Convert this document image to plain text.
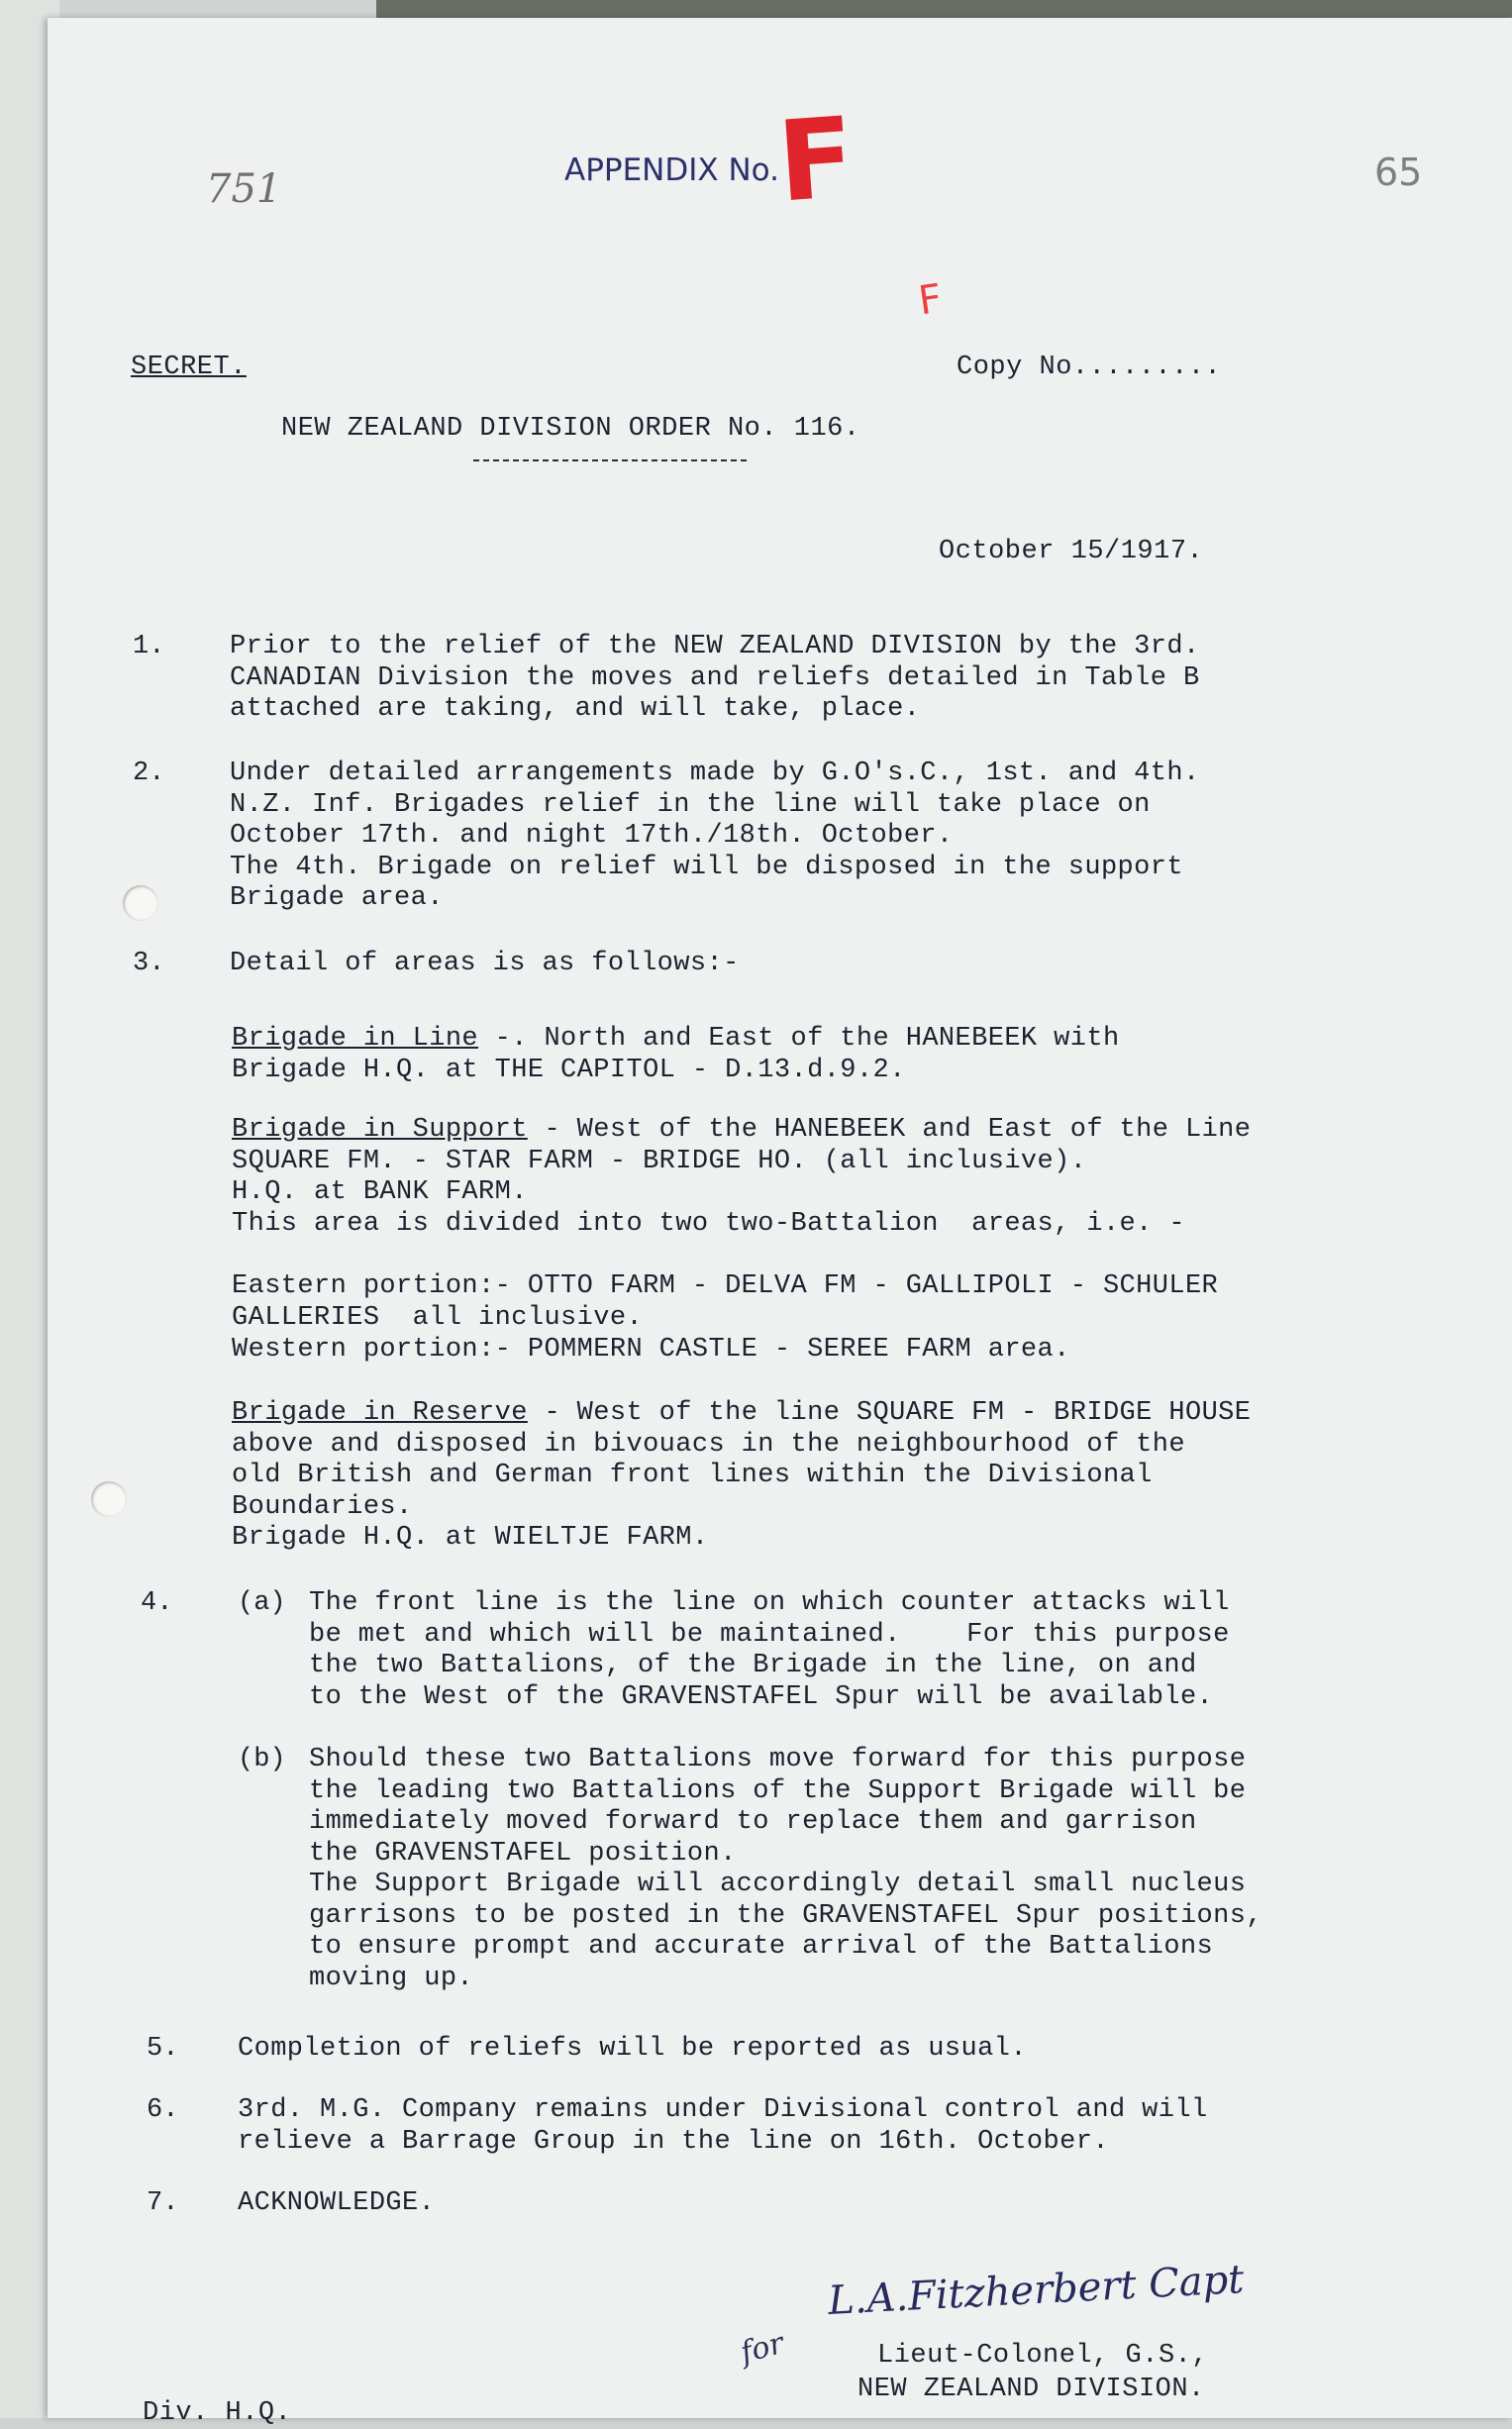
751	APPENDIX No.
F	65
F
SECRET.	Copy No.........
NEW ZEALAND DIVISION ORDER No. 116.
October 15/1917.
1. Prior to the relief of the NEW ZEALAND DIVISION by the 3rd.
CANADIAN Division the moves and reliefs detailed in Table B
attached are taking, and will take, place.
2. Under detailed arrangements made by G.O's.C., 1st. and 4th.
N.Z. Inf. Brigades relief in the line will take place on
October 17th. and night 17th./18th. October.
The 4th. Brigade on relief will be disposed in the support
Brigade area.
3. Detail of areas is as follows:-
Brigade in Line -. North and East of the HANEBEEK with
Brigade H.Q. at THE CAPITOL - D.13.d.9.2.
Brigade in Support - West of the HANEBEEK and East of the Line
SQUARE FM. - STAR FARM - BRIDGE HO. (all inclusive).
H.Q. at BANK FARM.
This area is divided into two two-Battalion  areas, i.e. -
Eastern portion:- OTTO FARM - DELVA FM - GALLIPOLI - SCHULER
GALLERIES  all inclusive.
Western portion:- POMMERN CASTLE - SEREE FARM area.
Brigade in Reserve - West of the line SQUARE FM - BRIDGE HOUSE
above and disposed in bivouacs in the neighbourhood of the
old British and German front lines within the Divisional
Boundaries.
Brigade H.Q. at WIELTJE FARM.
4. (a) The front line is the line on which counter attacks will
be met and which will be maintained.    For this purpose
the two Battalions, of the Brigade in the line, on and
to the West of the GRAVENSTAFEL Spur will be available.
(b) Should these two Battalions move forward for this purpose
the leading two Battalions of the Support Brigade will be
immediately moved forward to replace them and garrison
the GRAVENSTAFEL position.
The Support Brigade will accordingly detail small nucleus
garrisons to be posted in the GRAVENSTAFEL Spur positions,
to ensure prompt and accurate arrival of the Battalions
moving up.
5. Completion of reliefs will be reported as usual.
6. 3rd. M.G. Company remains under Divisional control and will
relieve a Barrage Group in the line on 16th. October.
7. ACKNOWLEDGE.
for
L.A.Fitzherbert Capt
Lieut-Colonel, G.S.,
NEW ZEALAND DIVISION.
Div. H.Q.
